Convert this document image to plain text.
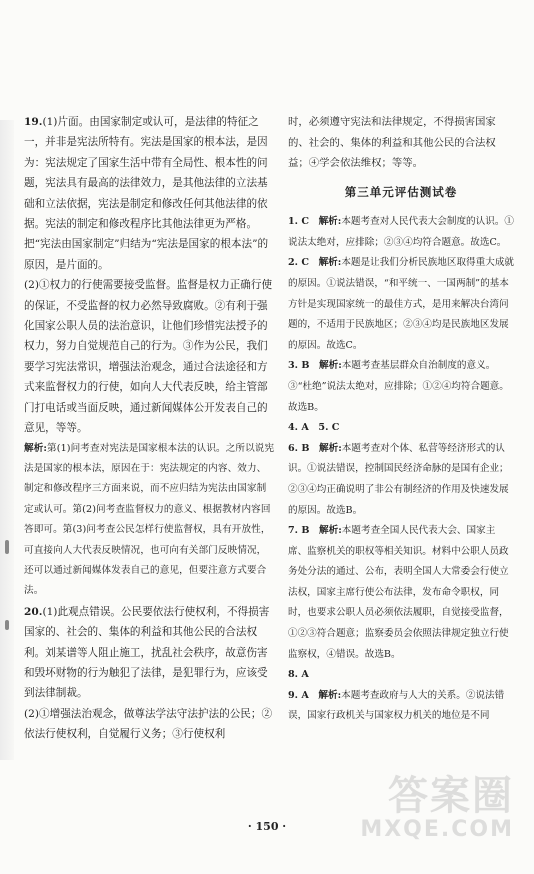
19.(1)片面。由国家制定或认可，是法律的特征之一，并非是宪法所特有。宪法是国家的根本法，是因为：宪法规定了国家生活中带有全局性、根本性的问题，宪法具有最高的法律效力，是其他法律的立法基础和立法依据，宪法是制定和修改任何其他法律的依据。宪法的制定和修改程序比其他法律更为严格。把“宪法由国家制定”归结为“宪法是国家的根本法”的原因，是片面的。

(2)①权力的行使需要接受监督。监督是权力正确行使的保证，不受监督的权力必然导致腐败。②有利于强化国家公职人员的法治意识，让他们珍惜宪法授予的权力，努力自觉规范自己的行为。③作为公民，我们要学习宪法常识，增强法治观念，通过合法途径和方式来监督权力的行使，如向人大代表反映，给主管部门打电话或当面反映，通过新闻媒体公开发表自己的意见，等等。

解析:第(1)问考查对宪法是国家根本法的认识。之所以说宪法是国家的根本法，原因在于：宪法规定的内容、效力、制定和修改程序三方面来说，而不应归结为宪法由国家制定或认可。第(2)问考查监督权力的意义、根据教材内容回答即可。第(3)问考查公民怎样行使监督权，具有开放性，可直接向人大代表反映情况，也可向有关部门反映情况，还可以通过新闻媒体发表自己的意见，但要注意方式要合法。

20.(1)此观点错误。公民要依法行使权利，不得损害国家的、社会的、集体的利益和其他公民的合法权利。刘某谱等人阻止施工，扰乱社会秩序，故意伤害和毁坏财物的行为触犯了法律，是犯罪行为，应该受到法律制裁。

(2)①增强法治观念，做尊法学法守法护法的公民；②依法行使权利，自觉履行义务；③行使权利

时，必须遵守宪法和法律规定，不得损害国家的、社会的、集体的利益和其他公民的合法权益；④学会依法维权；等等。

第三单元评估测试卷

1. C　解析:本题考查对人民代表大会制度的认识。①说法太绝对，应排除；②③④均符合题意。故选C。

2. C　解析:本题是让我们分析民族地区取得重大成就的原因。①说法错误，“和平统一、一国两制”的基本方针是实现国家统一的最佳方式，是用来解决台湾问题的，不适用于民族地区；②③④均是民族地区发展的原因。故选C。

3. B　解析:本题考查基层群众自治制度的意义。③“杜绝”说法太绝对，应排除；①②④均符合题意。故选B。

4. A　5. C

6. B　解析:本题考查对个体、私营等经济形式的认识。①说法错误，控制国民经济命脉的是国有企业；②③④均正确说明了非公有制经济的作用及快速发展的原因。故选B。

7. B　解析:本题考查全国人民代表大会、国家主席、监察机关的职权等相关知识。材料中公职人员政务处分法的通过、公布，表明全国人大常委会行使立法权，国家主席行使公布法律，发布命令职权，同时，也要求公职人员必须依法履职，自觉接受监督，①②③符合题意；监察委员会依照法律规定独立行使监察权，④错误。故选B。

8. A

9. A　解析:本题考查政府与人大的关系。②说法错误，国家行政机关与国家权力机关的地位是不同

· 150 ·
答案圈
MXQE.COM
